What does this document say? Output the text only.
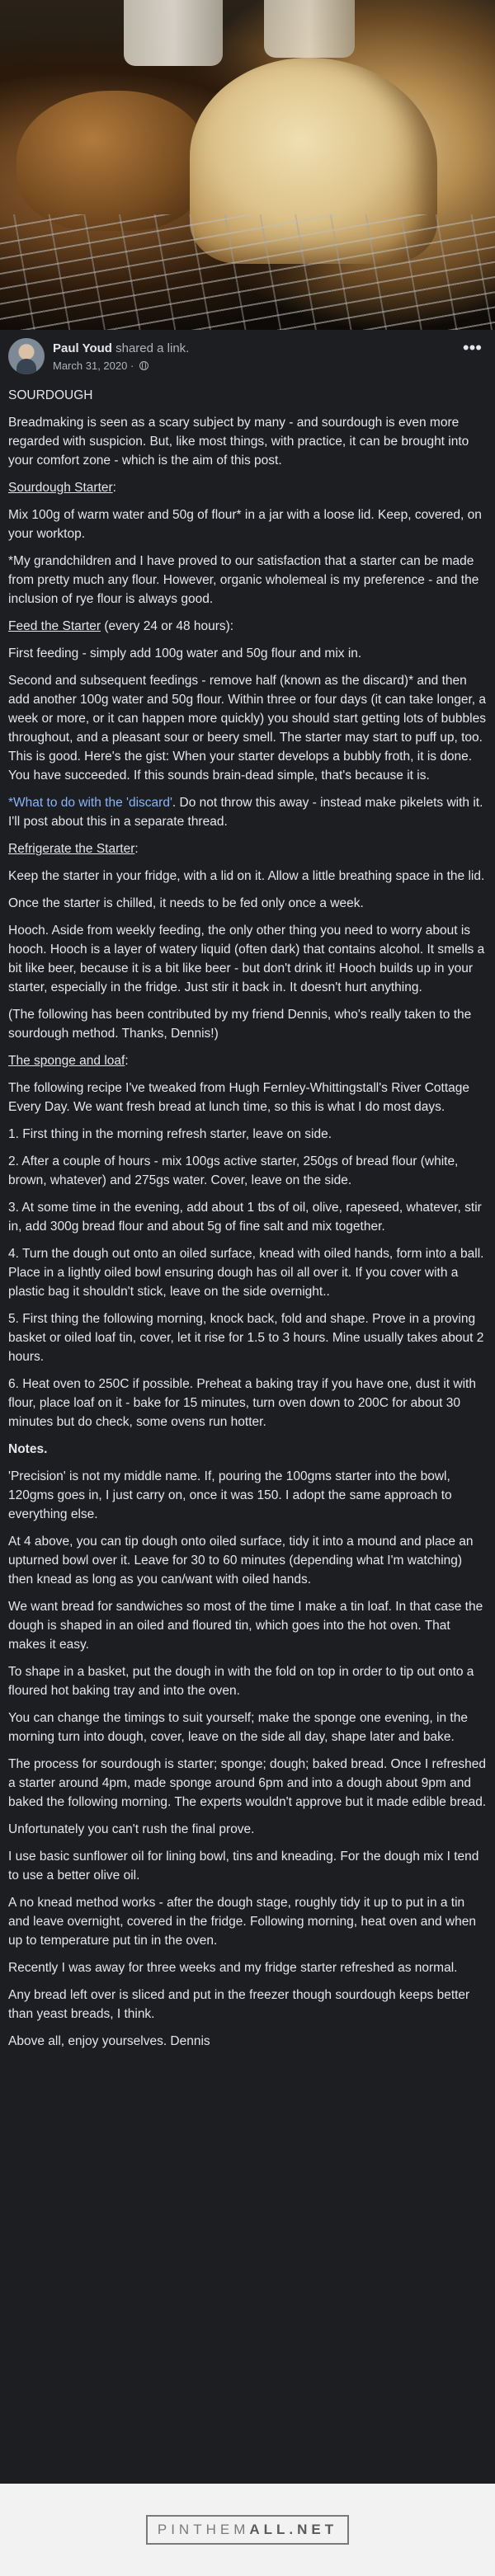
Paul Youd shared a link.
March 31, 2020 ·
•••

SOURDOUGH

Breadmaking is seen as a scary subject by many - and sourdough is even more regarded with suspicion. But, like most things, with practice, it can be brought into your comfort zone - which is the aim of this post.

Sourdough Starter:

Mix 100g of warm water and 50g of flour* in a jar with a loose lid. Keep, covered, on your worktop.

*My grandchildren and I have proved to our satisfaction that a starter can be made from pretty much any flour. However, organic wholemeal is my preference - and the inclusion of rye flour is always good.

Feed the Starter (every 24 or 48 hours):

First feeding - simply add 100g water and 50g flour and mix in.

Second and subsequent feedings - remove half (known as the discard)* and then add another 100g water and 50g flour. Within three or four days (it can take longer, a week or more, or it can happen more quickly) you should start getting lots of bubbles throughout, and a pleasant sour or beery smell. The starter may start to puff up, too. This is good. Here's the gist: When your starter develops a bubbly froth, it is done. You have succeeded. If this sounds brain-dead simple, that's because it is.

*What to do with the 'discard'. Do not throw this away - instead make pikelets with it. I'll post about this in a separate thread.

Refrigerate the Starter:

Keep the starter in your fridge, with a lid on it. Allow a little breathing space in the lid.

Once the starter is chilled, it needs to be fed only once a week.

Hooch. Aside from weekly feeding, the only other thing you need to worry about is hooch. Hooch is a layer of watery liquid (often dark) that contains alcohol. It smells a bit like beer, because it is a bit like beer - but don't drink it! Hooch builds up in your starter, especially in the fridge. Just stir it back in. It doesn't hurt anything.

(The following has been contributed by my friend Dennis, who's really taken to the sourdough method. Thanks, Dennis!)

The sponge and loaf:

The following recipe I've tweaked from Hugh Fernley-Whittingstall's River Cottage Every Day. We want fresh bread at lunch time, so this is what I do most days.

1. First thing in the morning refresh starter, leave on side.

2. After a couple of hours - mix 100gs active starter, 250gs of bread flour (white, brown, whatever) and 275gs water. Cover, leave on the side.

3. At some time in the evening, add about 1 tbs of oil, olive, rapeseed, whatever, stir in, add 300g bread flour and about 5g of fine salt and mix together.

4. Turn the dough out onto an oiled surface, knead with oiled hands, form into a ball. Place in a lightly oiled bowl ensuring dough has oil all over it. If you cover with a plastic bag it shouldn't stick, leave on the side overnight..

5. First thing the following morning, knock back, fold and shape. Prove in a proving basket or oiled loaf tin, cover, let it rise for 1.5 to 3 hours. Mine usually takes about 2 hours.

6. Heat oven to 250C if possible. Preheat a baking tray if you have one, dust it with flour, place loaf on it - bake for 15 minutes, turn oven down to 200C for about 30 minutes but do check, some ovens run hotter.

Notes.

'Precision' is not my middle name. If, pouring the 100gms starter into the bowl, 120gms goes in, I just carry on, once it was 150. I adopt the same approach to everything else.

At 4 above, you can tip dough onto oiled surface, tidy it into a mound and place an upturned bowl over it. Leave for 30 to 60 minutes (depending what I'm watching) then knead as long as you can/want with oiled hands.

We want bread for sandwiches so most of the time I make a tin loaf. In that case the dough is shaped in an oiled and floured tin, which goes into the hot oven. That makes it easy.

To shape in a basket, put the dough in with the fold on top in order to tip out onto a floured hot baking tray and into the oven.

You can change the timings to suit yourself; make the sponge one evening, in the morning turn into dough, cover, leave on the side all day, shape later and bake.

The process for sourdough is starter; sponge; dough; baked bread. Once I refreshed a starter around 4pm, made sponge around 6pm and into a dough about 9pm and baked the following morning. The experts wouldn't approve but it made edible bread.

Unfortunately you can't rush the final prove.

I use basic sunflower oil for lining bowl, tins and kneading. For the dough mix I tend to use a better olive oil.

A no knead method works - after the dough stage, roughly tidy it up to put in a tin and leave overnight, covered in the fridge. Following morning, heat oven and when up to temperature put tin in the oven.

Recently I was away for three weeks and my fridge starter refreshed as normal.

Any bread left over is sliced and put in the freezer though sourdough keeps better than yeast breads, I think.

Above all, enjoy yourselves. Dennis

PINTHEMALL.NET
